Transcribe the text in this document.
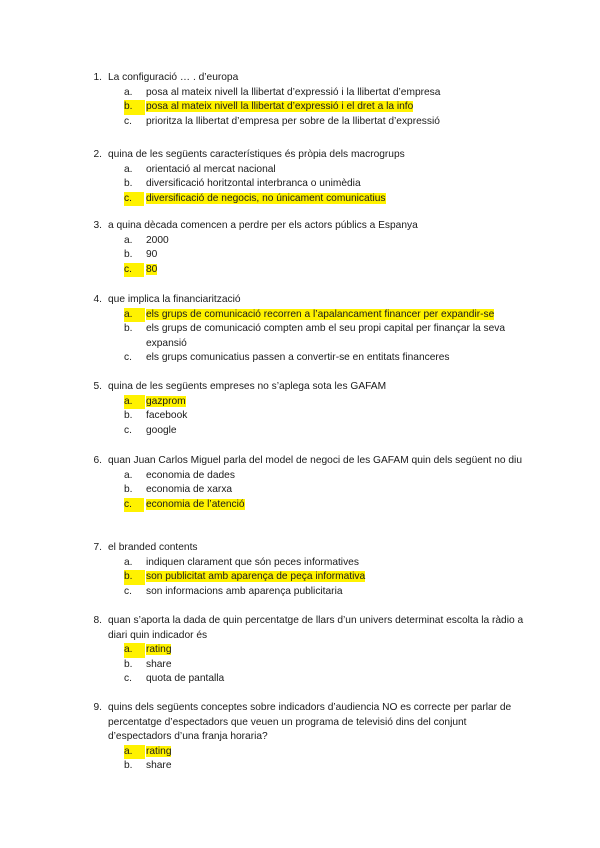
1. La configuració … . d’europa
a. posa al mateix nivell la llibertat d’expressió i la llibertat d’empresa
b.	posa al mateix nivell la llibertat d’expressió i el dret a la info
c. prioritza la llibertat d’empresa per sobre de la llibertat d’expressió
2. quina de les següents característiques és pròpia dels macrogrups
a. orientació al mercat nacional
b. diversificació horitzontal interbranca o unimèdia
c.	diversificació de negocis, no únicament comunicatius
3. a quina dècada comencen a perdre per els actors públics a Espanya
a. 2000
b. 90
c.	80
4. que implica la financiarització
a.	els grups de comunicació recorren a l’apalancament financer per expandir-se
b. els grups de comunicació compten amb el seu propi capital per finançar la seva expansió
c. els grups comunicatius passen a convertir-se en entitats financeres
5. quina de les següents empreses no s’aplega sota les GAFAM
a.	gazprom
b. facebook
c. google
6. quan Juan Carlos Miguel parla del model de negoci de les GAFAM quin dels següent no diu
a. economia de dades
b. economia de xarxa
c.	economia de l’atenció
7. el branded contents
a. indiquen clarament que són peces informatives
b.	son publicitat amb aparença de peça informativa
c. son informacions amb aparença publicitaria
8. quan s’aporta la dada de quin percentatge de llars d’un univers determinat escolta la ràdio a diari quin indicador és
a.	rating
b. share
c. quota de pantalla
9. quins dels següents conceptes sobre indicadors d’audiencia NO es correcte per parlar de percentatge d’espectadors que veuen un programa de televisió dins del conjunt d’espectadors d’una franja horaria?
a.	rating
b. share
